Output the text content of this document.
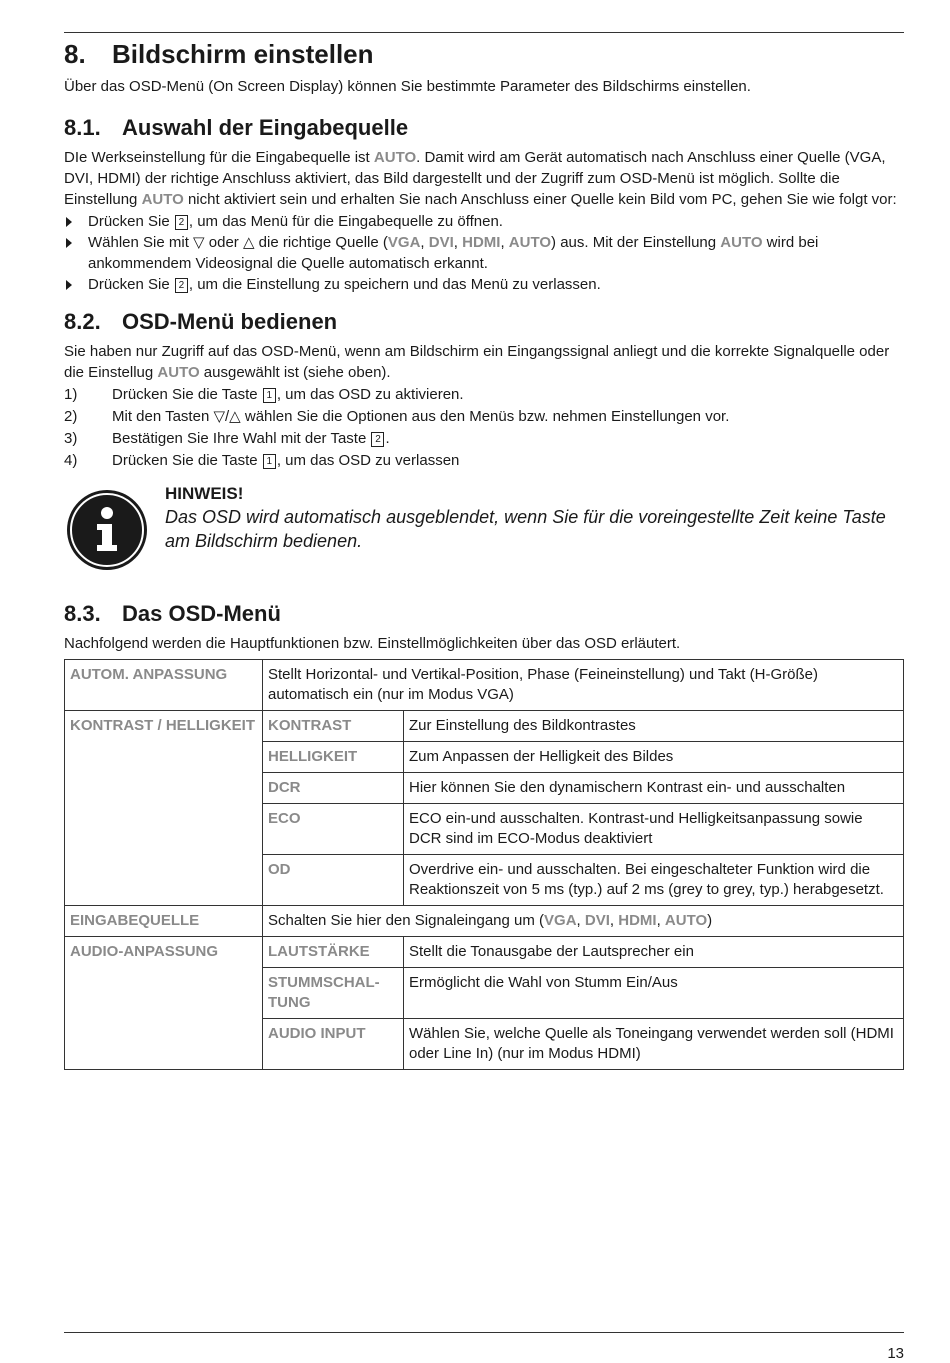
8. Bildschirm einstellen

Über das OSD-Menü (On Screen Display) können Sie bestimmte Parameter des Bildschirms einstellen.

8.1. Auswahl der Eingabequelle

DIe Werkseinstellung für die Eingabequelle ist AUTO. Damit wird am Gerät automatisch nach Anschluss einer Quelle (VGA, DVI, HDMI) der richtige Anschluss aktiviert, das Bild dargestellt und der Zugriff zum OSD-Menü ist möglich. Sollte die Einstellung AUTO nicht aktiviert sein und erhalten Sie nach Anschluss einer Quelle kein Bild vom PC, gehen Sie wie folgt vor:

Drücken Sie 2 , um das Menü für die Eingabequelle zu öffnen.
Wählen Sie mit ▽ oder △ die richtige Quelle (VGA, DVI, HDMI, AUTO) aus. Mit der Einstellung AUTO wird bei ankommendem Videosignal die Quelle automatisch erkannt.
Drücken Sie 2 , um die Einstellung zu speichern und das Menü zu verlassen.
8.2. OSD-Menü bedienen

Sie haben nur Zugriff auf das OSD-Menü, wenn am Bildschirm ein Eingangssignal anliegt und die korrekte Signalquelle oder die Einstellug AUTO ausgewählt ist (siehe oben).

1) Drücken Sie die Taste 1 , um das OSD zu aktivieren.
2) Mit den Tasten ▽/△ wählen Sie die Optionen aus den Menüs bzw. nehmen Einstellungen vor.
3) Bestätigen Sie Ihre Wahl mit der Taste 2 .
4) Drücken Sie die Taste 1 , um das OSD zu verlassen
HINWEIS!
Das OSD wird automatisch ausgeblendet, wenn Sie für die voreingestellte Zeit keine Taste am Bildschirm bedienen.
8.3. Das OSD-Menü

Nachfolgend werden die Hauptfunktionen bzw. Einstellmöglichkeiten über das OSD erläutert.

AUTOM. ANPASSUNG	Stellt Horizontal- und Vertikal-Position, Phase (Feineinstellung) und Takt (H-Größe) automatisch ein (nur im Modus VGA)	
KONTRAST / HELLIGKEIT	KONTRAST	Zur Einstellung des Bildkontrastes
	HELLIGKEIT	Zum Anpassen der Helligkeit des Bildes
	DCR	Hier können Sie den dynamischern Kontrast ein- und ausschalten
	ECO	ECO ein-und ausschalten. Kontrast-und Helligkeitsanpassung sowie DCR sind im ECO-Modus deaktiviert
	OD	Overdrive ein- und ausschalten. Bei eingeschalteter Funktion wird die Reaktionszeit von 5 ms (typ.) auf 2 ms (grey to grey, typ.) herabgesetzt.
EINGABEQUELLE	Schalten Sie hier den Signaleingang um (VGA, DVI, HDMI, AUTO)	
AUDIO-ANPASSUNG	LAUTSTÄRKE	Stellt die Tonausgabe der Lautsprecher ein
	STUMMSCHAL-TUNG	Ermöglicht die Wahl von Stumm Ein/Aus
	AUDIO INPUT	Wählen Sie, welche Quelle als Toneingang verwendet werden soll (HDMI oder Line In) (nur im Modus HDMI)
13
